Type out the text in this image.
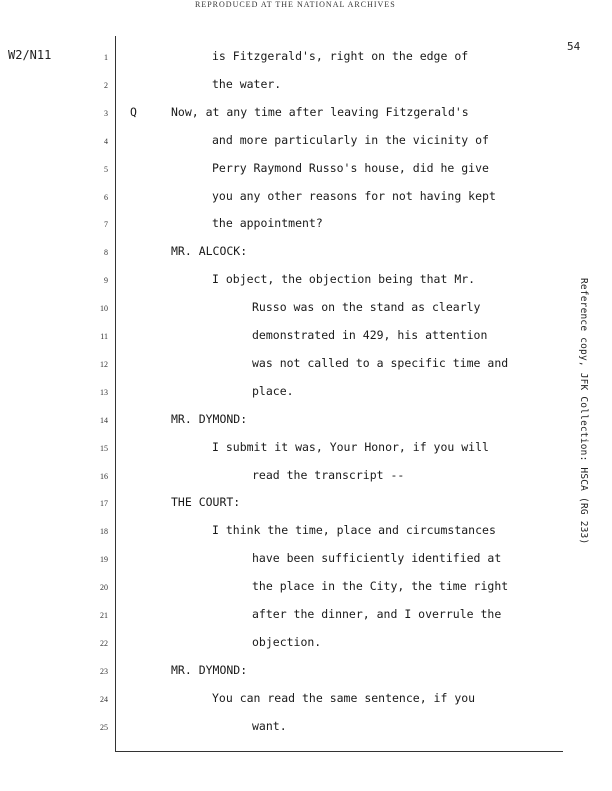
REPRODUCED AT THE NATIONAL ARCHIVES
W2/N11
54
Reference copy, JFK Collection: HSCA (RG 233)
1	is Fitzgerald's, right on the edge of
2	the water.
3 Q	Now, at any time after leaving Fitzgerald's
4	and more particularly in the vicinity of
5	Perry Raymond Russo's house, did he give
6	you any other reasons for not having kept
7	the appointment?
8	MR. ALCOCK:
9	I object, the objection being that Mr.
10	Russo was on the stand as clearly
11	demonstrated in 429, his attention
12	was not called to a specific time and
13	place.
14	MR. DYMOND:
15	I submit it was, Your Honor, if you will
16	read the transcript --
17	THE COURT:
18	I think the time, place and circumstances
19	have been sufficiently identified at
20	the place in the City, the time right
21	after the dinner, and I overrule the
22	objection.
23	MR. DYMOND:
24	You can read the same sentence, if you
25	want.
